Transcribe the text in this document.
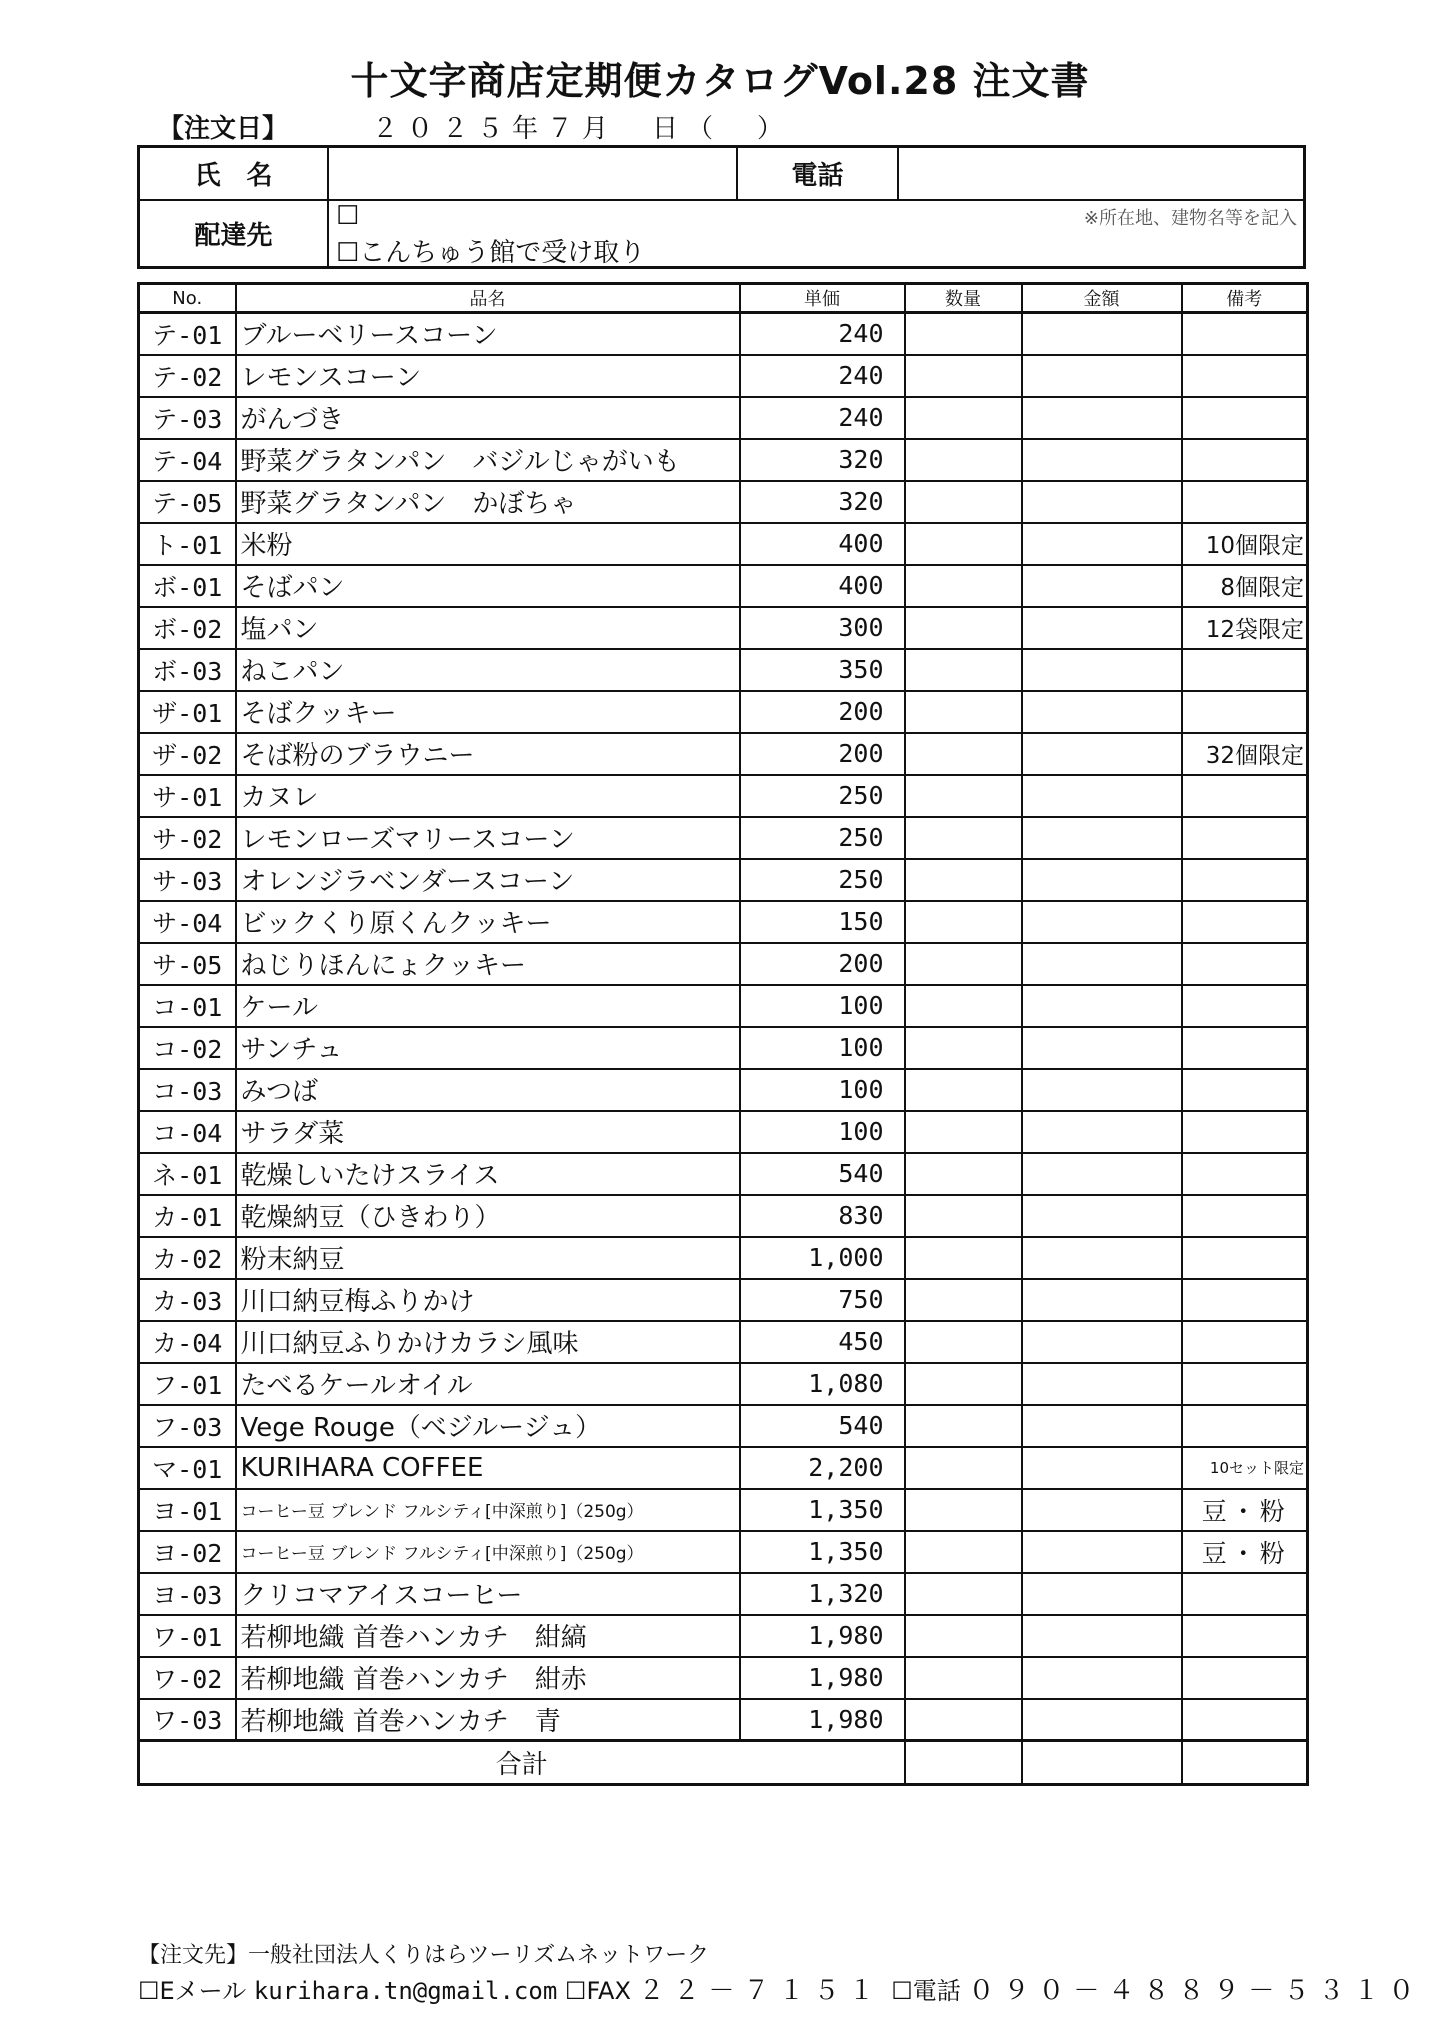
十文字商店定期便カタログVol.28 注文書
【注文日】	２０２５年７月　日（　）
氏　名	電話
配達先
☐
☐こんちゅう館で受け取り
※所在地、建物名等を記入
No.	品名	単価	数量	金額	備考
テ-01	ブルーベリースコーン	240			
テ-02	レモンスコーン	240			
テ-03	がんづき	240			
テ-04	野菜グラタンパン　バジルじゃがいも	320			
テ-05	野菜グラタンパン　かぼちゃ	320			
ト-01	米粉	400			10個限定
ボ-01	そばパン	400			8個限定
ボ-02	塩パン	300			12袋限定
ボ-03	ねこパン	350			
ザ-01	そばクッキー	200			
ザ-02	そば粉のブラウニー	200			32個限定
サ-01	カヌレ	250			
サ-02	レモンローズマリースコーン	250			
サ-03	オレンジラベンダースコーン	250			
サ-04	ビックくり原くんクッキー	150			
サ-05	ねじりほんにょクッキー	200			
コ-01	ケール	100			
コ-02	サンチュ	100			
コ-03	みつば	100			
コ-04	サラダ菜	100			
ネ-01	乾燥しいたけスライス	540			
カ-01	乾燥納豆（ひきわり）	830			
カ-02	粉末納豆	1,000			
カ-03	川口納豆梅ふりかけ	750			
カ-04	川口納豆ふりかけカラシ風味	450			
フ-01	たべるケールオイル	1,080			
フ-03	Vege Rouge（ベジルージュ）	540			
マ-01	KURIHARA COFFEE	2,200			10セット限定
ヨ-01	コーヒー豆 ブレンド フルシティ[中深煎り]（250g）	1,350			豆・粉
ヨ-02	コーヒー豆 ブレンド フルシティ[中深煎り]（250g）	1,350			豆・粉
ヨ-03	クリコマアイスコーヒー	1,320			
ワ-01	若柳地織 首巻ハンカチ　紺縞	1,980			
ワ-02	若柳地織 首巻ハンカチ　紺赤	1,980			
ワ-03	若柳地織 首巻ハンカチ　青	1,980			
合計					
【注文先】一般社団法人くりはらツーリズムネットワーク
☐Eメール kurihara.tn@gmail.com ☐FAX ２２－７１５１ ☐電話 ０９０－４８８９－５３１０
